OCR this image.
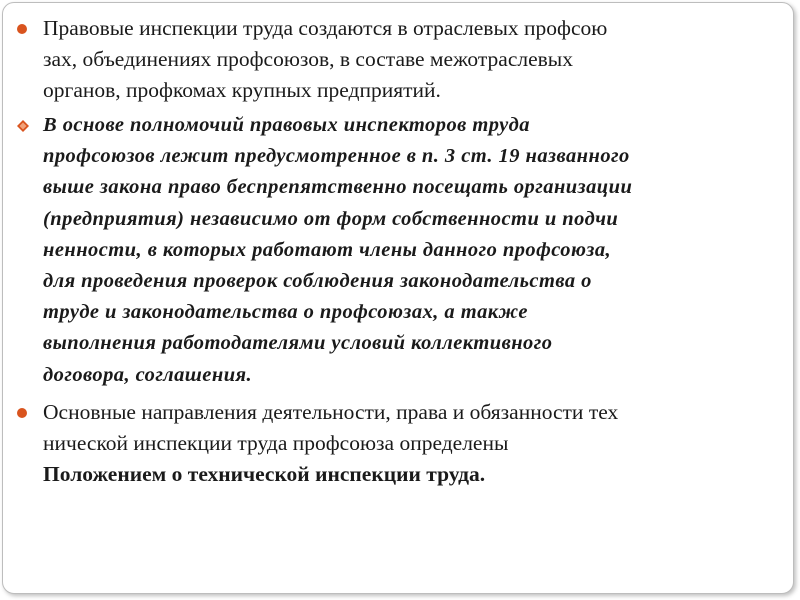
Правовые инспекции труда создаются в отраслевых профсою
зах, объединениях профсоюзов, в составе межотраслевых
органов, профкомах крупных предприятий.
В основе полномочий правовых инспекторов труда
профсоюзов лежит предусмотренное в п. 3 ст. 19 названного
выше закона право беспрепятственно посещать организации
(предприятия) независимо от форм собственности и подчи
ненности, в которых работают члены данного профсоюза,
для проведения проверок соблюдения законодательства о
труде и законодательства о профсоюзах, а также
выполнения работодателями условий коллективного
договора, соглашения.
Основные направления деятельности, права и обязанности тех
нической инспекции труда профсоюза определены
Положением о технической инспекции труда.
